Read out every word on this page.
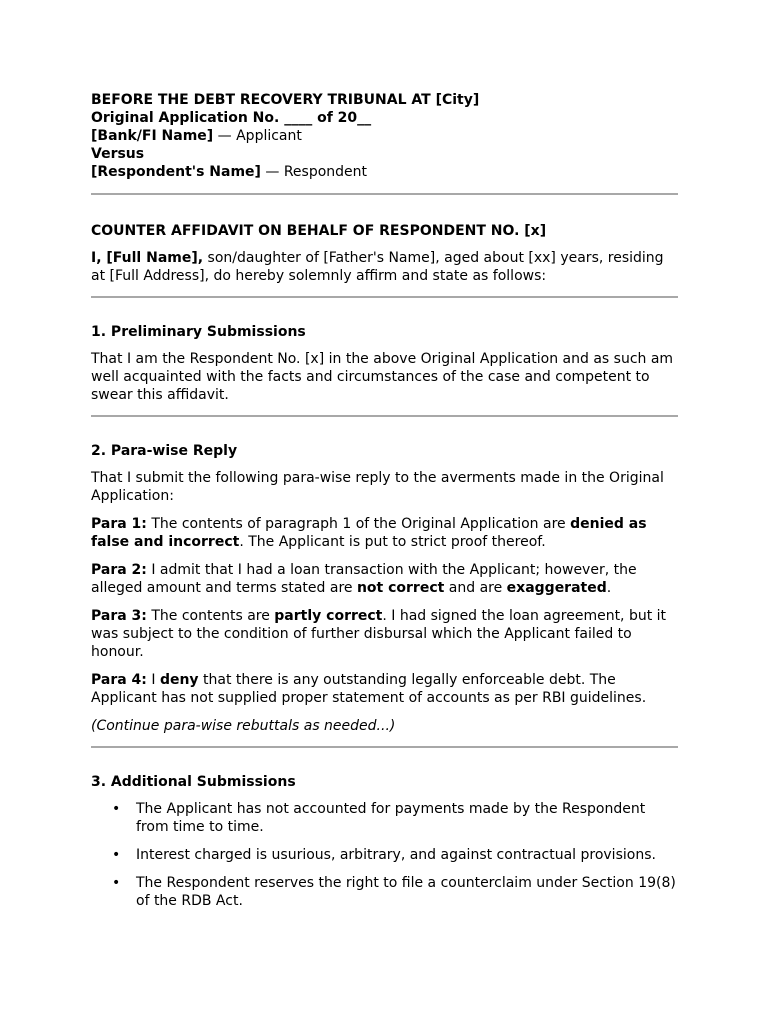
BEFORE THE DEBT RECOVERY TRIBUNAL AT [City]
Original Application No. ____ of 20__
[Bank/FI Name] — Applicant
Versus
[Respondent's Name] — Respondent

COUNTER AFFIDAVIT ON BEHALF OF RESPONDENT NO. [x]

I, [Full Name], son/daughter of [Father's Name], aged about [xx] years, residing at [Full Address], do hereby solemnly affirm and state as follows:

1. Preliminary Submissions

That I am the Respondent No. [x] in the above Original Application and as such am well acquainted with the facts and circumstances of the case and competent to swear this affidavit.

2. Para-wise Reply

That I submit the following para-wise reply to the averments made in the Original Application:

Para 1: The contents of paragraph 1 of the Original Application are denied as false and incorrect. The Applicant is put to strict proof thereof.

Para 2: I admit that I had a loan transaction with the Applicant; however, the alleged amount and terms stated are not correct and are exaggerated.

Para 3: The contents are partly correct. I had signed the loan agreement, but it was subject to the condition of further disbursal which the Applicant failed to honour.

Para 4: I deny that there is any outstanding legally enforceable debt. The Applicant has not supplied proper statement of accounts as per RBI guidelines.

(Continue para-wise rebuttals as needed...)

3. Additional Submissions

• The Applicant has not accounted for payments made by the Respondent from time to time.
• Interest charged is usurious, arbitrary, and against contractual provisions.
• The Respondent reserves the right to file a counterclaim under Section 19(8) of the RDB Act.
